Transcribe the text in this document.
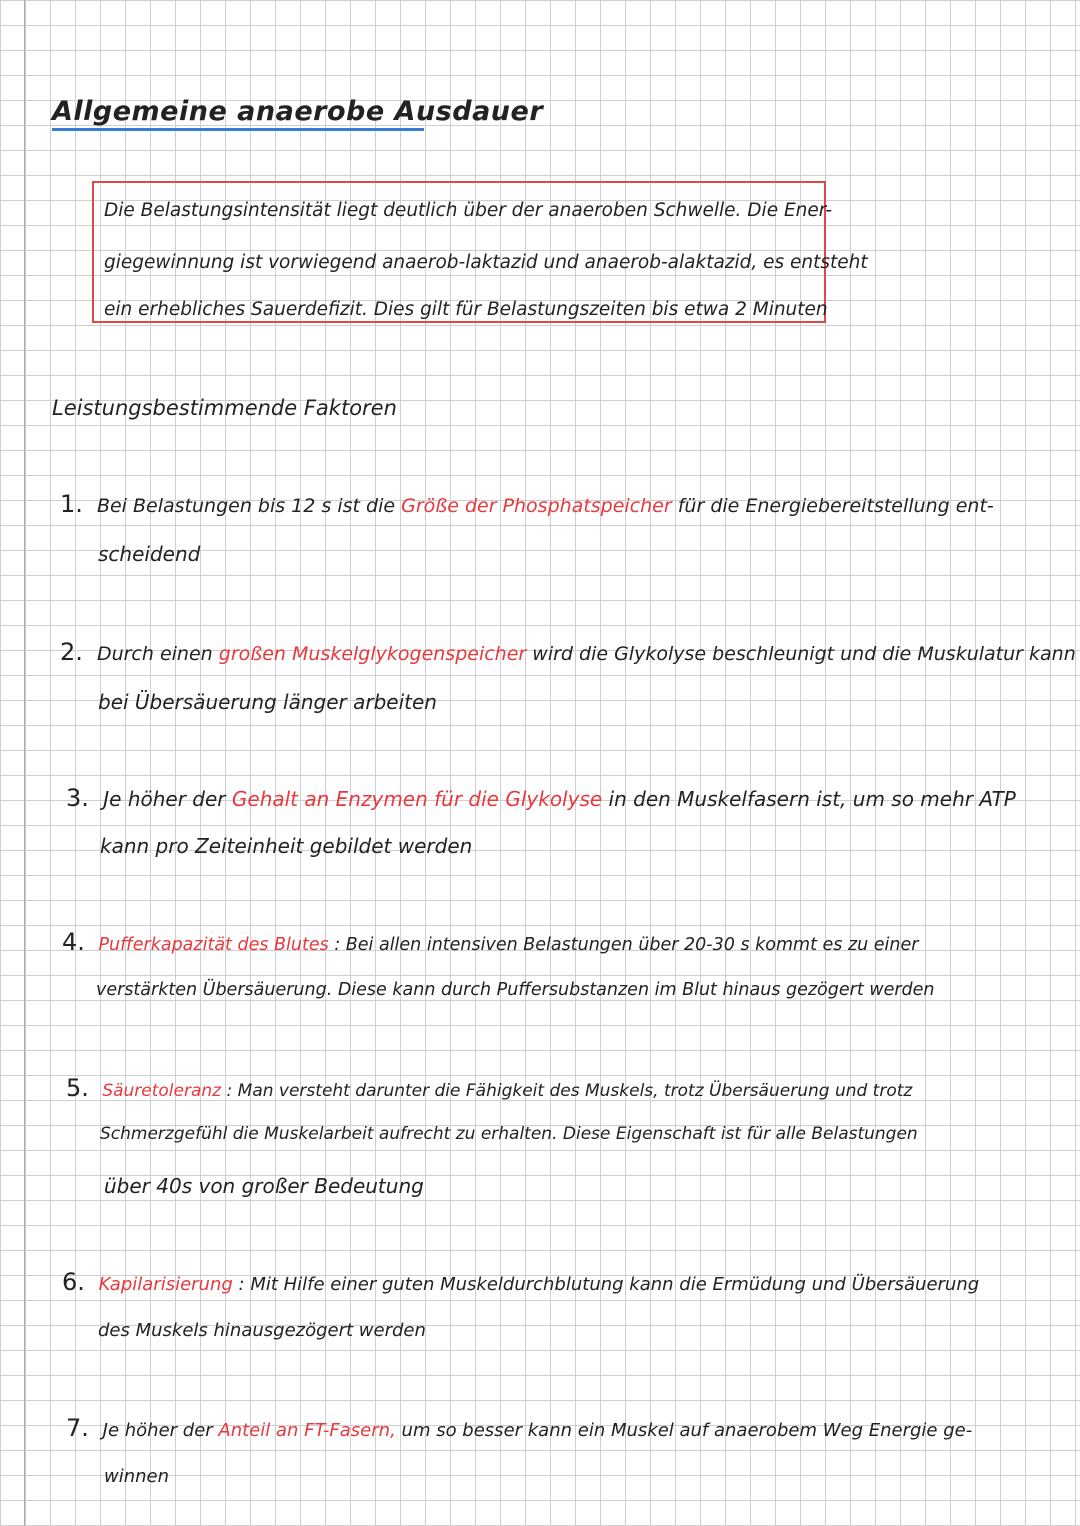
Allgemeine anaerobe Ausdauer
Die Belastungsintensität liegt deutlich über der anaeroben Schwelle. Die Ener-
giegewinnung ist vorwiegend anaerob-laktazid und anaerob-alaktazid, es entsteht
ein erhebliches Sauerdefizit. Dies gilt für Belastungszeiten bis etwa 2 Minuten
Leistungsbestimmende Faktoren
1. Bei Belastungen bis 12 s ist die Größe der Phosphatspeicher für die Energiebereitstellung ent-
scheidend
2. Durch einen großen Muskelglykogenspeicher wird die Glykolyse beschleunigt und die Muskulatur kann
bei Übersäuerung länger arbeiten
3. Je höher der Gehalt an Enzymen für die Glykolyse in den Muskelfasern ist, um so mehr ATP
kann pro Zeiteinheit gebildet werden
4. Pufferkapazität des Blutes : Bei allen intensiven Belastungen über 20-30 s kommt es zu einer
verstärkten Übersäuerung. Diese kann durch Puffersubstanzen im Blut hinaus gezögert werden
5. Säuretoleranz : Man versteht darunter die Fähigkeit des Muskels, trotz Übersäuerung und trotz
Schmerzgefühl die Muskelarbeit aufrecht zu erhalten. Diese Eigenschaft ist für alle Belastungen
über 40s von großer Bedeutung
6. Kapilarisierung : Mit Hilfe einer guten Muskeldurchblutung kann die Ermüdung und Übersäuerung
des Muskels hinausgezögert werden
7. Je höher der Anteil an FT-Fasern, um so besser kann ein Muskel auf anaerobem Weg Energie ge-
winnen
